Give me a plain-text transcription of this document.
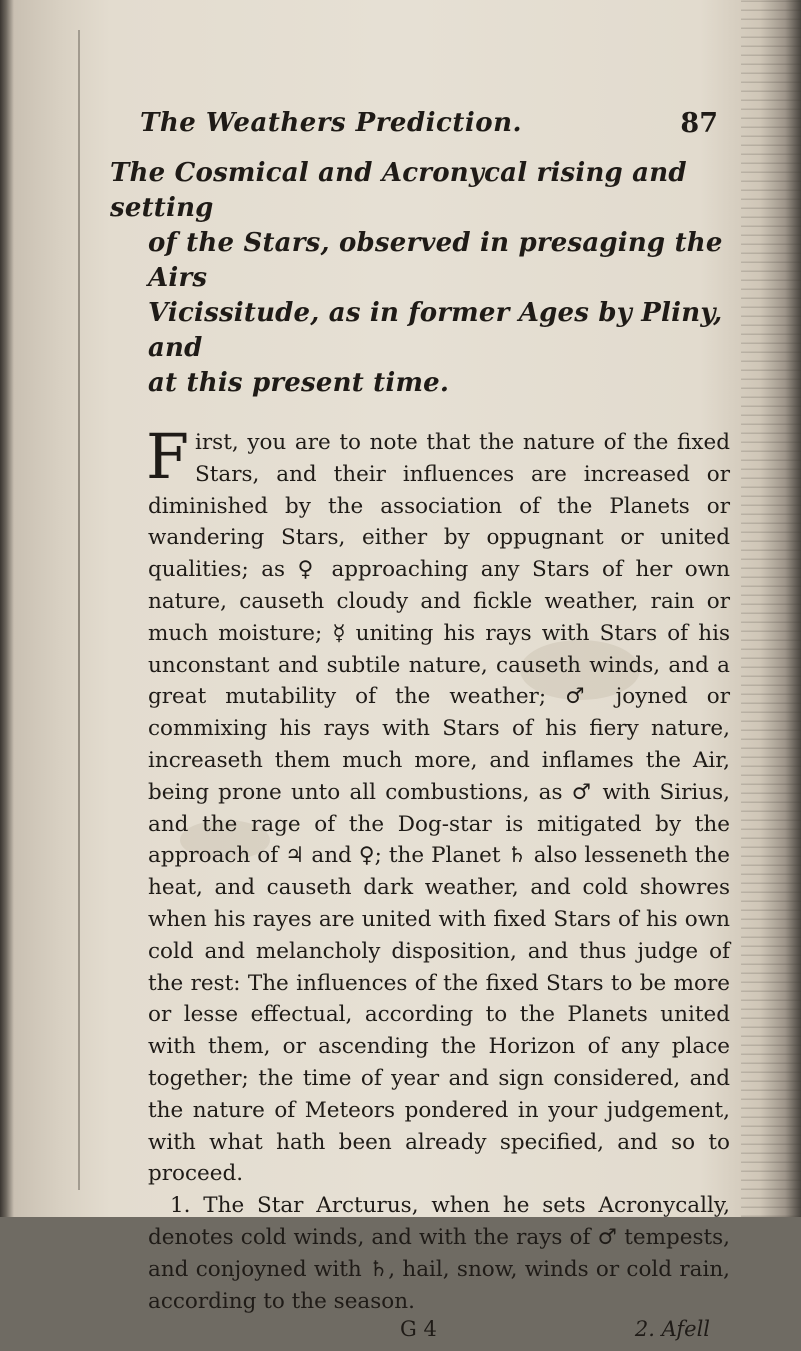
The Weathers Prediction.	87
The Cosmical and Acronycal rising and setting
of the Stars, observed in presaging the Airs
Vicissitude, as in former Ages by Pliny, and
at this present time.

First, you are to note that the nature of the fixed Stars, and their influences are increased or diminished by the association of the Planets or wandering Stars, either by oppugnant or united qualities; as ♀ approaching any Stars of her own nature, causeth cloudy and fickle weather, rain or much moisture; ☿ uniting his rays with Stars of his unconstant and subtile nature, causeth winds, and a great mutability of the weather; ♂ joyned or commixing his rays with Stars of his fiery nature, increaseth them much more, and inflames the Air, being prone unto all combustions, as ♂ with Sirius, and the rage of the Dog-star is mitigated by the approach of ♃ and ♀; the Planet ♄ also lesseneth the heat, and causeth dark weather, and cold showres when his rayes are united with fixed Stars of his own cold and melancholy disposition, and thus judge of the rest: The influences of the fixed Stars to be more or lesse effectual, according to the Planets united with them, or ascending the Horizon of any place together; the time of year and sign considered, and the nature of Meteors pondered in your judgement, with what hath been already specified, and so to proceed.

1. The Star Arcturus, when he sets Acronycally, denotes cold winds, and with the rays of ♂ tempests, and conjoyned with ♄, hail, snow, winds or cold rain, according to the season.

G 4	2. Afell
